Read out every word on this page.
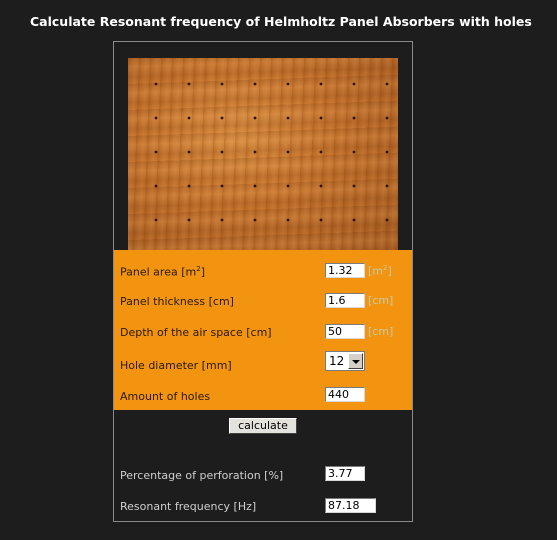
Calculate Resonant frequency of Helmholtz Panel Absorbers with holes
Panel area $[m^2]$	1.32	$[m^2]$
Panel thickness [cm]	1.6	[cm]
Depth of the air space [cm]	50	[cm]
Hole diameter [mm]	12
Amount of holes	440
calculate
Percentage of perforation [%]	3.77
Resonant frequency [Hz]	87.18
